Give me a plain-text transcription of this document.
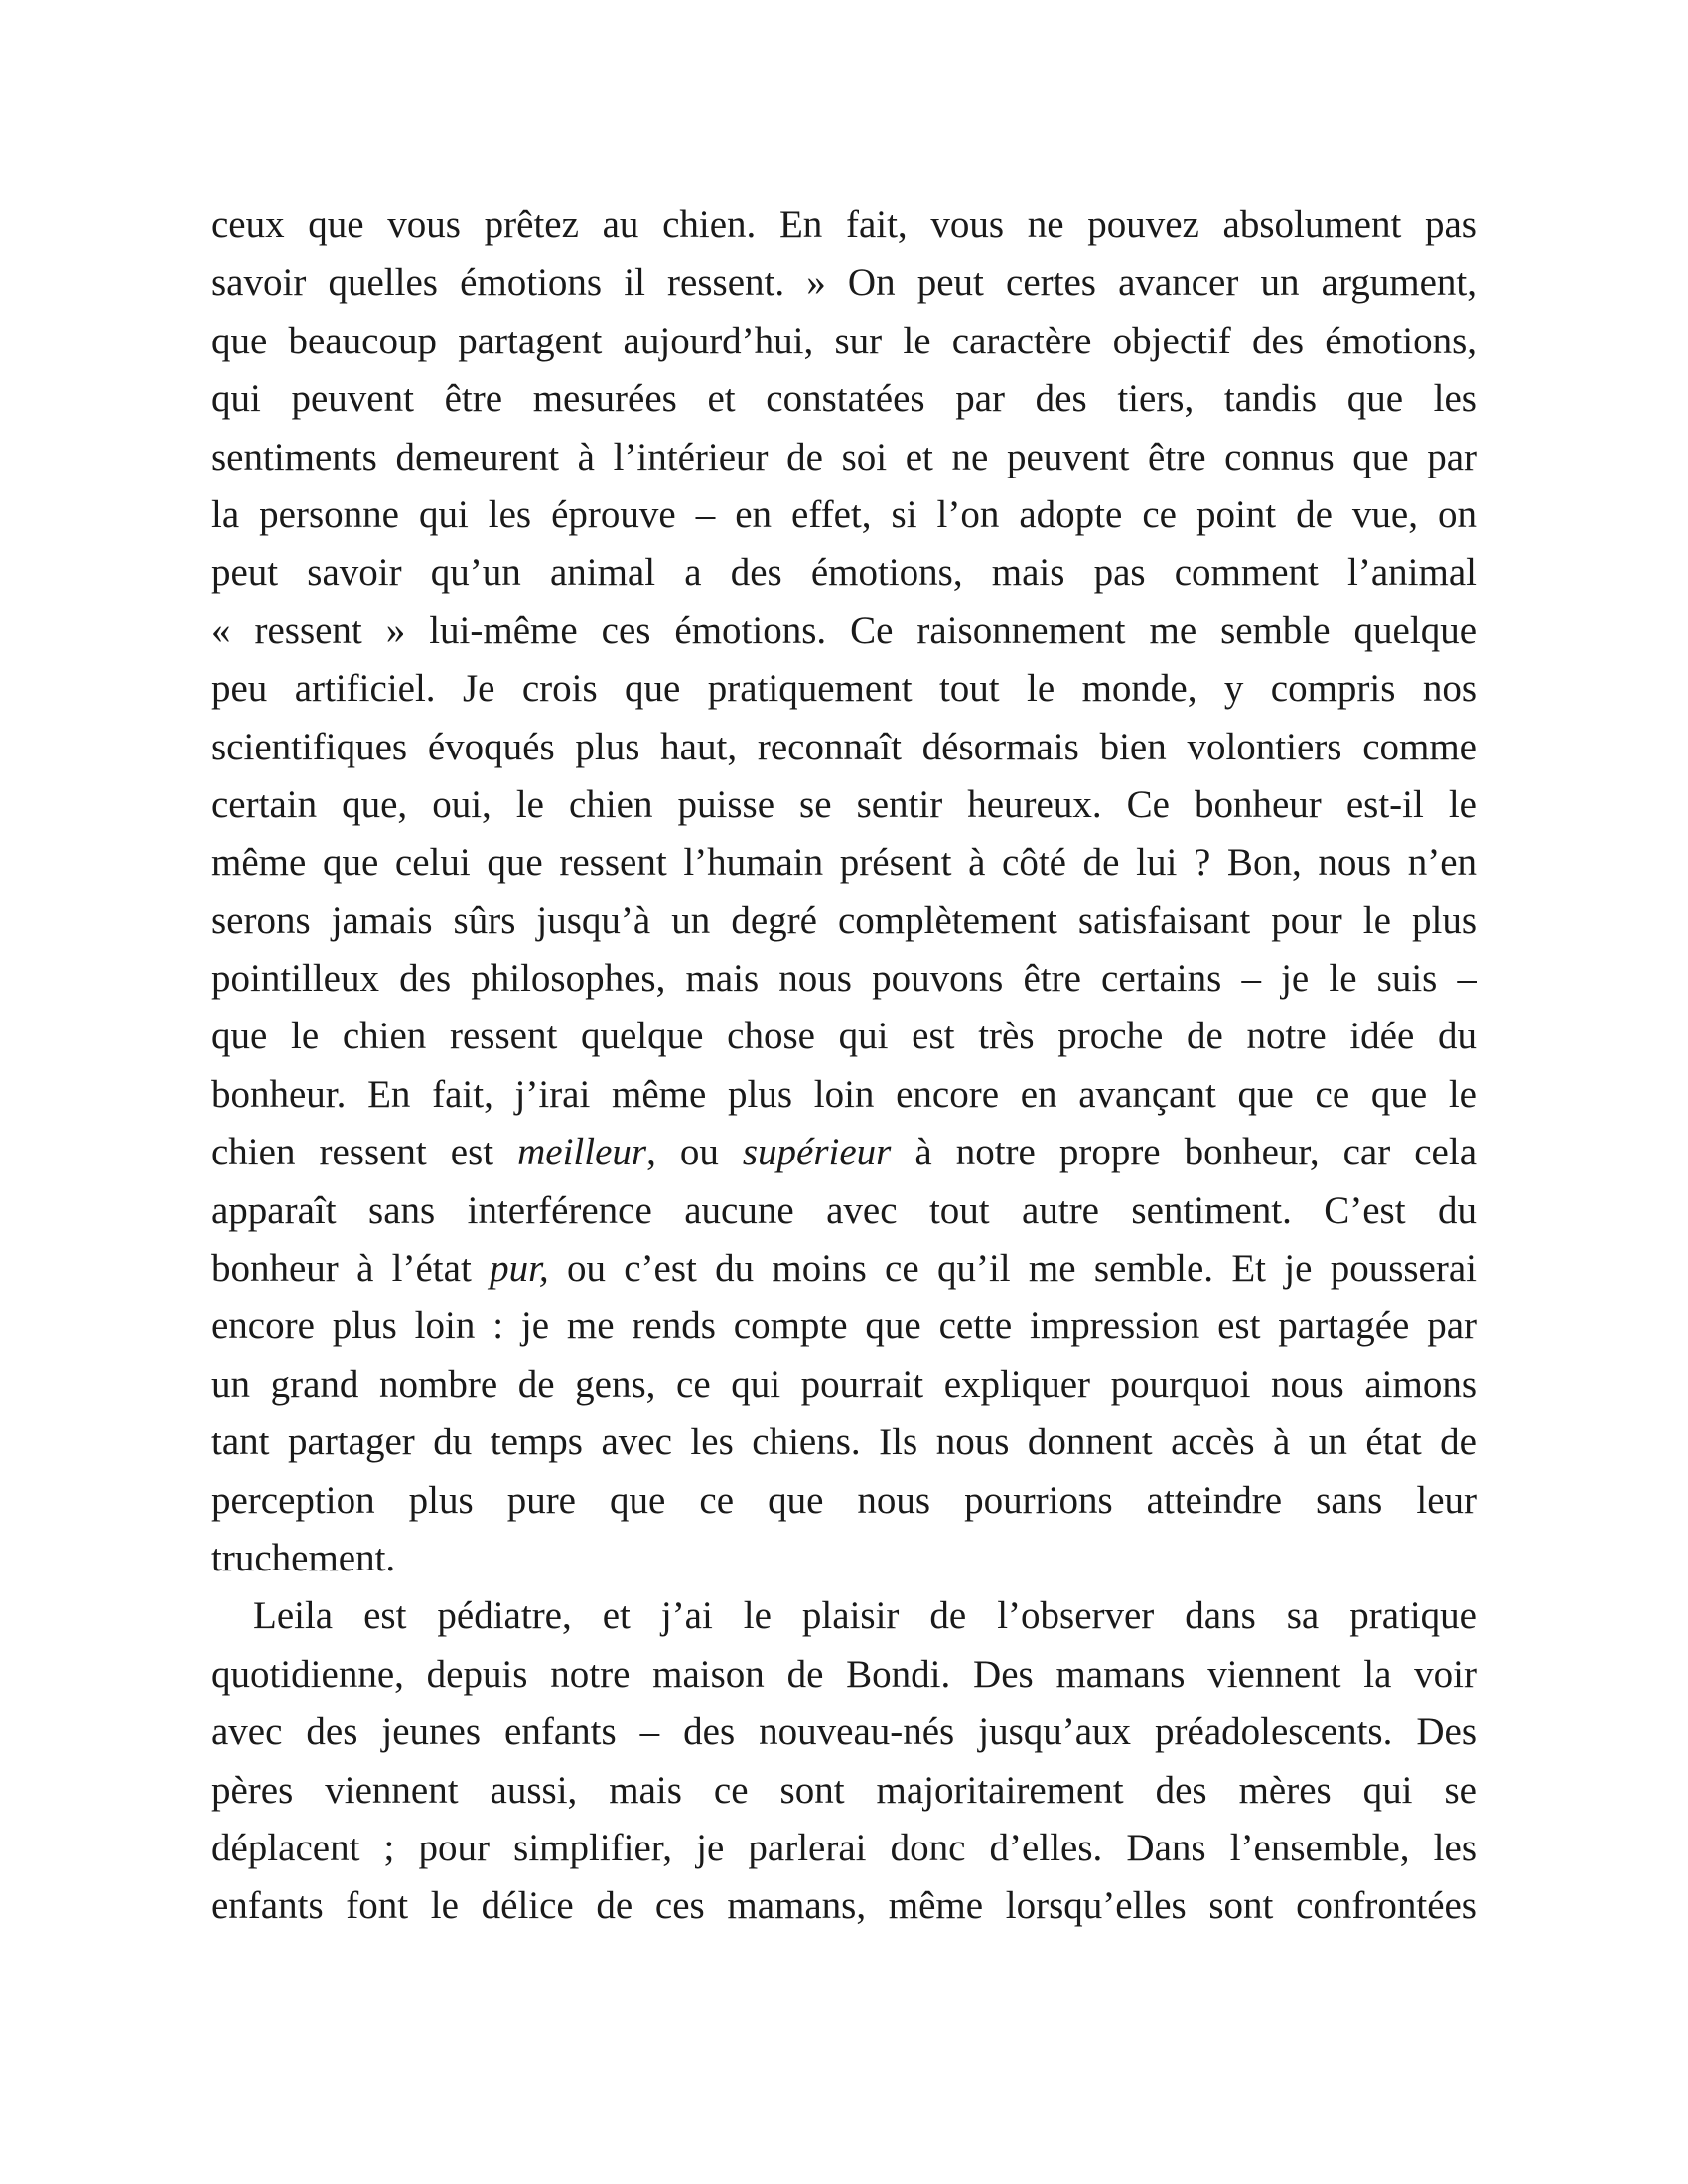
ceux que vous prêtez au chien. En fait, vous ne pouvez absolument pas
savoir quelles émotions il ressent. » On peut certes avancer un argument,
que beaucoup partagent aujourd’hui, sur le caractère objectif des émotions,
qui peuvent être mesurées et constatées par des tiers, tandis que les
sentiments demeurent à l’intérieur de soi et ne peuvent être connus que par
la personne qui les éprouve – en effet, si l’on adopte ce point de vue, on
peut savoir qu’un animal a des émotions, mais pas comment l’animal
« ressent » lui-même ces émotions. Ce raisonnement me semble quelque
peu artificiel. Je crois que pratiquement tout le monde, y compris nos
scientifiques évoqués plus haut, reconnaît désormais bien volontiers comme
certain que, oui, le chien puisse se sentir heureux. Ce bonheur est-il le
même que celui que ressent l’humain présent à côté de lui ? Bon, nous n’en
serons jamais sûrs jusqu’à un degré complètement satisfaisant pour le plus
pointilleux des philosophes, mais nous pouvons être certains – je le suis –
que le chien ressent quelque chose qui est très proche de notre idée du
bonheur. En fait, j’irai même plus loin encore en avançant que ce que le
chien ressent est meilleur, ou supérieur à notre propre bonheur, car cela
apparaît sans interférence aucune avec tout autre sentiment. C’est du
bonheur à l’état pur, ou c’est du moins ce qu’il me semble. Et je pousserai
encore plus loin : je me rends compte que cette impression est partagée par
un grand nombre de gens, ce qui pourrait expliquer pourquoi nous aimons
tant partager du temps avec les chiens. Ils nous donnent accès à un état de
perception plus pure que ce que nous pourrions atteindre sans leur
truchement.
Leila est pédiatre, et j’ai le plaisir de l’observer dans sa pratique
quotidienne, depuis notre maison de Bondi. Des mamans viennent la voir
avec des jeunes enfants – des nouveau-nés jusqu’aux préadolescents. Des
pères viennent aussi, mais ce sont majoritairement des mères qui se
déplacent ; pour simplifier, je parlerai donc d’elles. Dans l’ensemble, les
enfants font le délice de ces mamans, même lorsqu’elles sont confrontées
